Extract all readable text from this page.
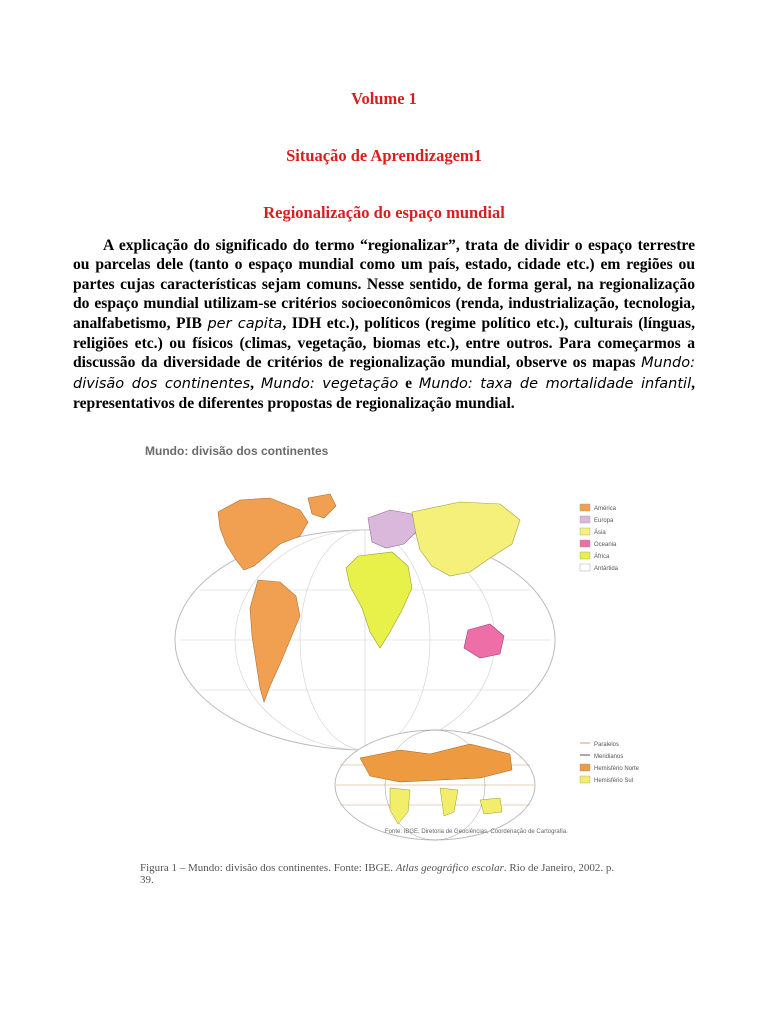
Volume 1
Situação de Aprendizagem1
Regionalização do espaço mundial

A explicação do significado do termo “regionalizar”, trata de dividir o espaço terrestre ou parcelas dele (tanto o espaço mundial como um país, estado, cidade etc.) em regiões ou partes cujas características sejam comuns. Nesse sentido, de forma geral, na regionalização do espaço mundial utilizam-se critérios socioeconômicos (renda, industrialização, tecnologia, analfabetismo, PIB per capita, IDH etc.), políticos (regime político etc.), culturais (línguas, religiões etc.) ou físicos (climas, vegetação, biomas etc.), entre outros. Para começarmos a discussão da diversidade de critérios de regionalização mundial, observe os mapas Mundo: divisão dos continentes, Mundo: vegetação e Mundo: taxa de mortalidade infantil, representativos de diferentes propostas de regionalização mundial.

Mundo: divisão dos continentes
América
Europa
Ásia
Oceania
África
Antártida
Paralelos
Meridianos
Hemisfério Norte
Hemisfério Sul
Fonte: IBGE, Diretoria de Geociências, Coordenação de Cartografia.
Figura 1 – Mundo: divisão dos continentes. Fonte: IBGE. Atlas geográfico escolar. Rio de Janeiro, 2002. p. 39.
